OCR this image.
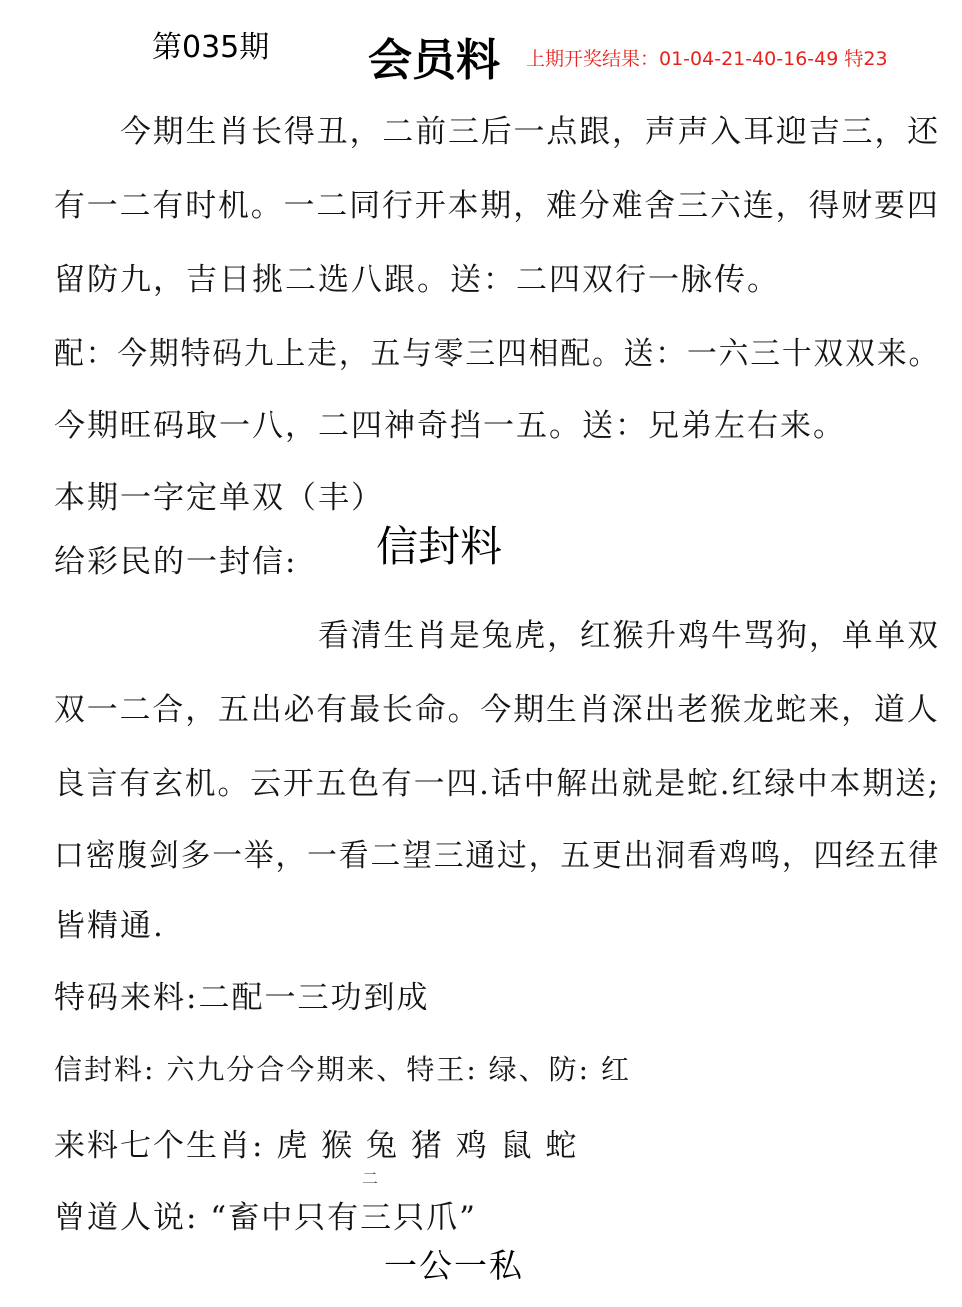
第035期 会员料 上期开奖结果：01-04-21-40-16-49 特23
今期生肖长得丑，二前三后一点跟，声声入耳迎吉三，还
有一二有时机。一二同行开本期，难分难舍三六连，得财要四
留防九，吉日挑二选八跟。送：二四双行一脉传。
配：今期特码九上走，五与零三四相配。送：一六三十双双来。
今期旺码取一八，二四神奇挡一五。送：兄弟左右来。
本期一字定单双（丰）
给彩民的一封信: 信封料
看清生肖是兔虎，红猴升鸡牛骂狗，单单双
双一二合，五出必有最长命。今期生肖深出老猴龙蛇来，道人
良言有玄机。云开五色有一四.话中解出就是蛇.红绿中本期送;
口密腹剑多一举，一看二望三通过，五更出洞看鸡鸣，四经五律
皆精通.
特码来料:二配一三功到成
信封料: 六九分合今期来、特王: 绿、防: 红
来料七个生肖: 虎 猴 兔 猪 鸡 鼠 蛇
二
曾道人说: “畜中只有三只爪”
一公一私
